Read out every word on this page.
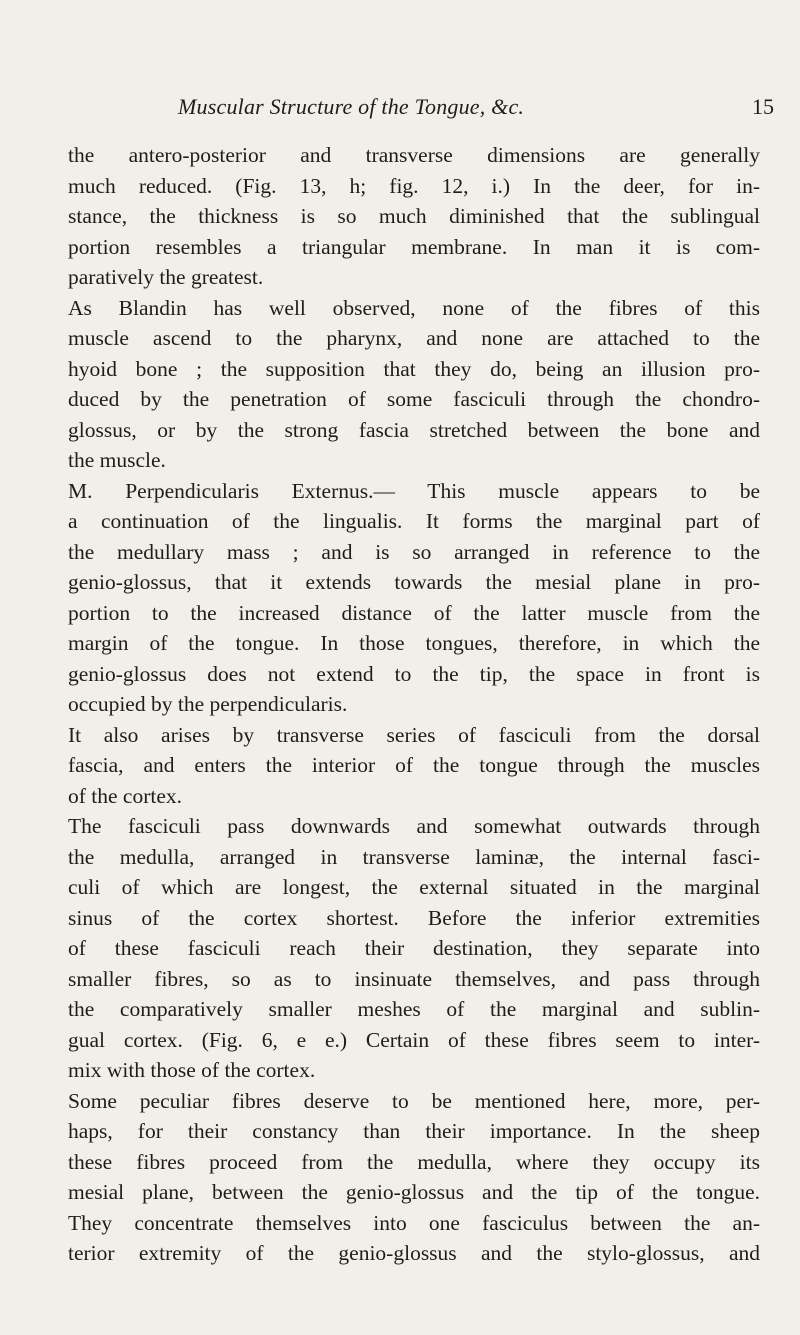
Muscular Structure of the Tongue, &c.	15

the antero-posterior and transverse dimensions are generally
much reduced. (Fig. 13, h; fig. 12, i.) In the deer, for in-
stance, the thickness is so much diminished that the sublingual
portion resembles a triangular membrane. In man it is com-
paratively the greatest.

As Blandin has well observed, none of the fibres of this
muscle ascend to the pharynx, and none are attached to the
hyoid bone ; the supposition that they do, being an illusion pro-
duced by the penetration of some fasciculi through the chondro-
glossus, or by the strong fascia stretched between the bone and
the muscle.

M. Perpendicularis Externus.— This muscle appears to be
a continuation of the lingualis. It forms the marginal part of
the medullary mass ; and is so arranged in reference to the
genio-glossus, that it extends towards the mesial plane in pro-
portion to the increased distance of the latter muscle from the
margin of the tongue. In those tongues, therefore, in which the
genio-glossus does not extend to the tip, the space in front is
occupied by the perpendicularis.

It also arises by transverse series of fasciculi from the dorsal
fascia, and enters the interior of the tongue through the muscles
of the cortex.

The fasciculi pass downwards and somewhat outwards through
the medulla, arranged in transverse laminæ, the internal fasci-
culi of which are longest, the external situated in the marginal
sinus of the cortex shortest. Before the inferior extremities
of these fasciculi reach their destination, they separate into
smaller fibres, so as to insinuate themselves, and pass through
the comparatively smaller meshes of the marginal and sublin-
gual cortex. (Fig. 6, e e.) Certain of these fibres seem to inter-
mix with those of the cortex.

Some peculiar fibres deserve to be mentioned here, more, per-
haps, for their constancy than their importance. In the sheep
these fibres proceed from the medulla, where they occupy its
mesial plane, between the genio-glossus and the tip of the tongue.
They concentrate themselves into one fasciculus between the an-
terior extremity of the genio-glossus and the stylo-glossus, and
